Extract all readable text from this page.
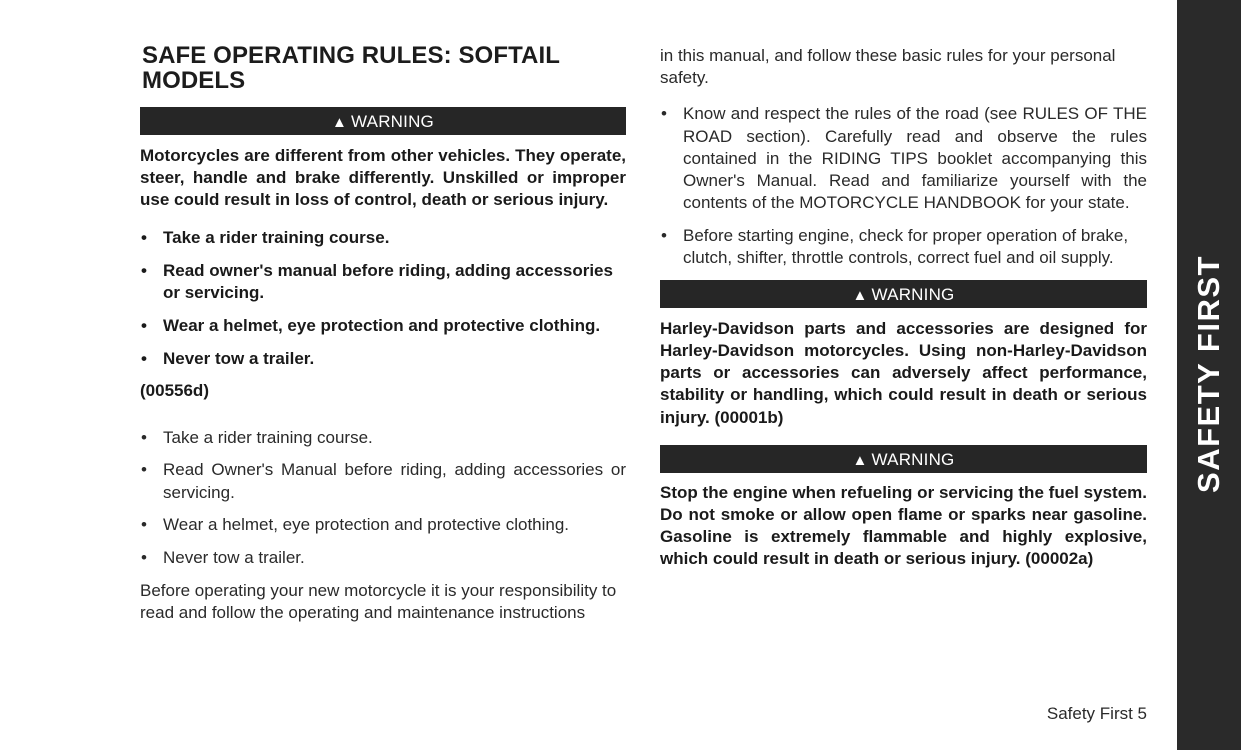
SAFE OPERATING RULES: SOFTAIL MODELS
▲ WARNING
Motorcycles are different from other vehicles. They operate, steer, handle and brake differently. Unskilled or improper use could result in loss of control, death or serious injury.
• Take a rider training course.
• Read owner's manual before riding, adding accessories or servicing.
• Wear a helmet, eye protection and protective clothing.
• Never tow a trailer.
(00556d)
• Take a rider training course.
• Read Owner's Manual before riding, adding accessories or servicing.
• Wear a helmet, eye protection and protective clothing.
• Never tow a trailer.
Before operating your new motorcycle it is your responsibility to read and follow the operating and maintenance instructions
in this manual, and follow these basic rules for your personal safety.
• Know and respect the rules of the road (see RULES OF THE ROAD section). Carefully read and observe the rules contained in the RIDING TIPS booklet accompanying this Owner's Manual. Read and familiarize yourself with the contents of the MOTORCYCLE HANDBOOK for your state.
• Before starting engine, check for proper operation of brake, clutch, shifter, throttle controls, correct fuel and oil supply.
▲ WARNING
Harley-Davidson parts and accessories are designed for Harley-Davidson motorcycles. Using non-Harley-Davidson parts or accessories can adversely affect performance, stability or handling, which could result in death or serious injury. (00001b)
▲ WARNING
Stop the engine when refueling or servicing the fuel system. Do not smoke or allow open flame or sparks near gasoline. Gasoline is extremely flammable and highly explosive, which could result in death or serious injury. (00002a)
SAFETY FIRST
Safety First 5
